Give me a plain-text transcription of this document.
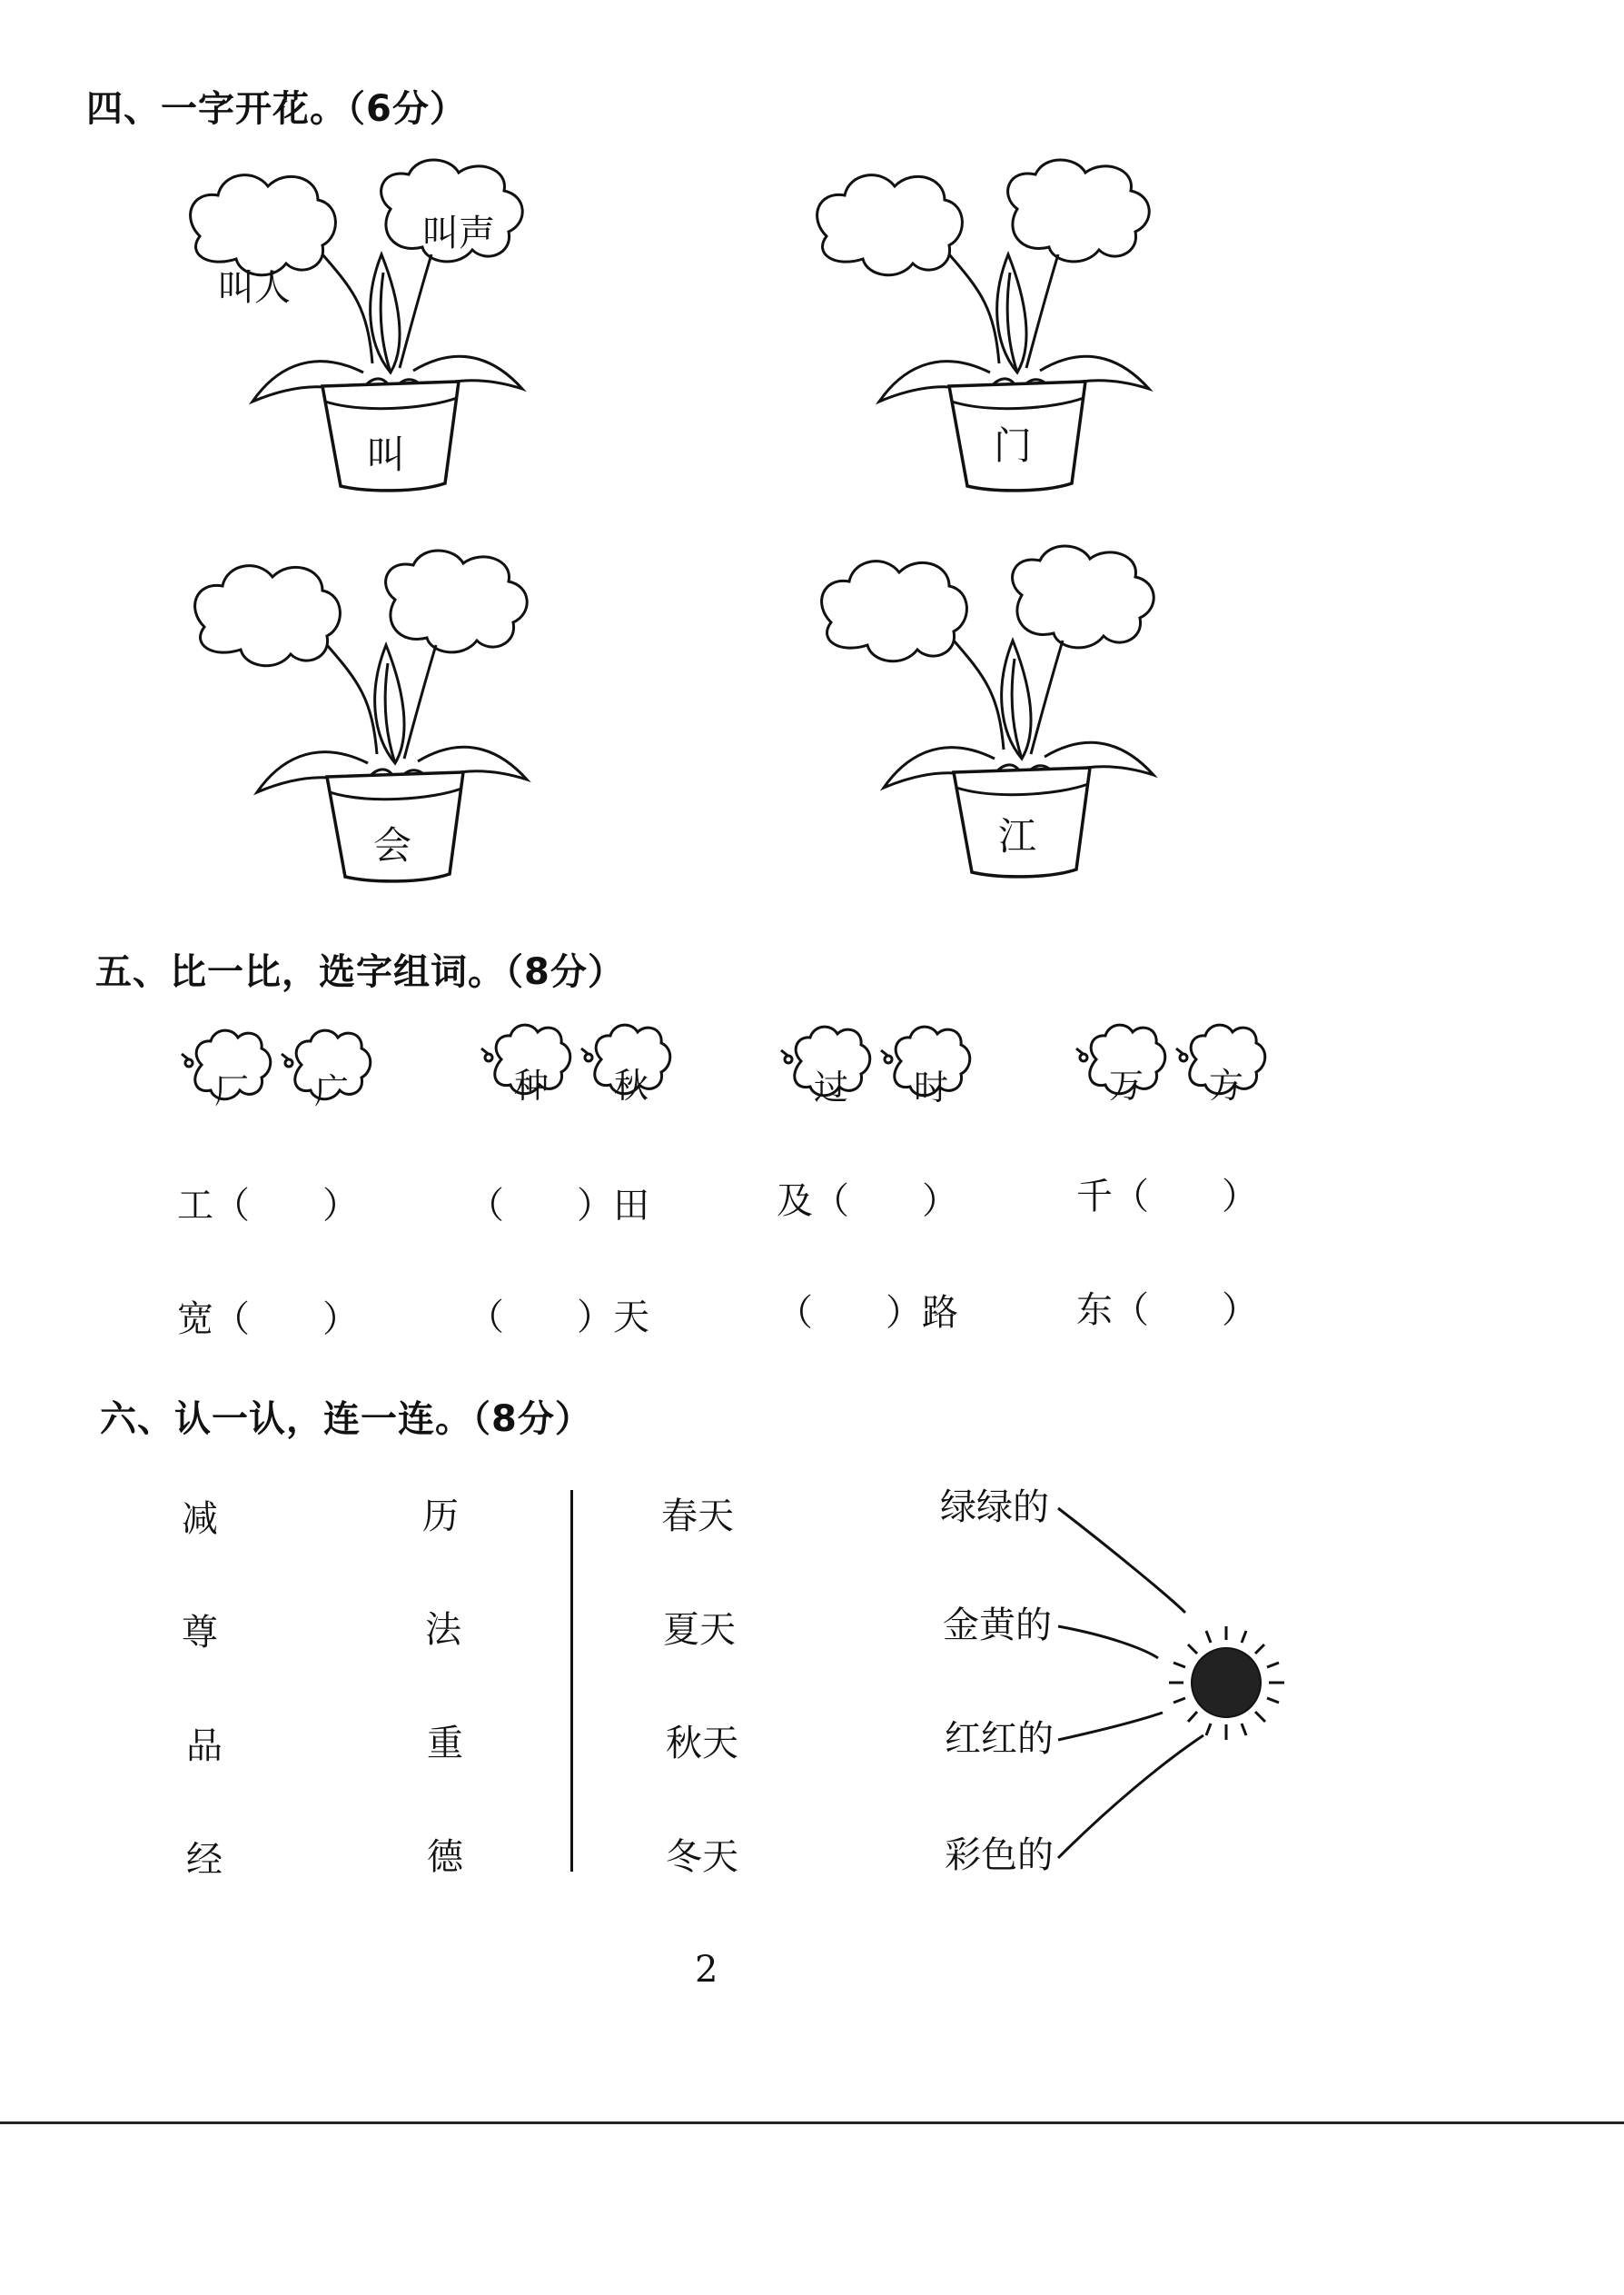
四、一字开花。（6分）
叫人
叫声
叫	门
会	江
五、比一比，选字组词。（8分）
厂 广	种 秋	过 时	万 方
工（　　）	（　　）田	及（　　）	千（　　）
宽（　　）	（　　）天	（　　）路	东（　　）
六、认一认，连一连。（8分）
减
尊
品
经
历
法
重
德
春天
夏天
秋天
冬天
绿绿的
金黄的
红红的
彩色的
2
